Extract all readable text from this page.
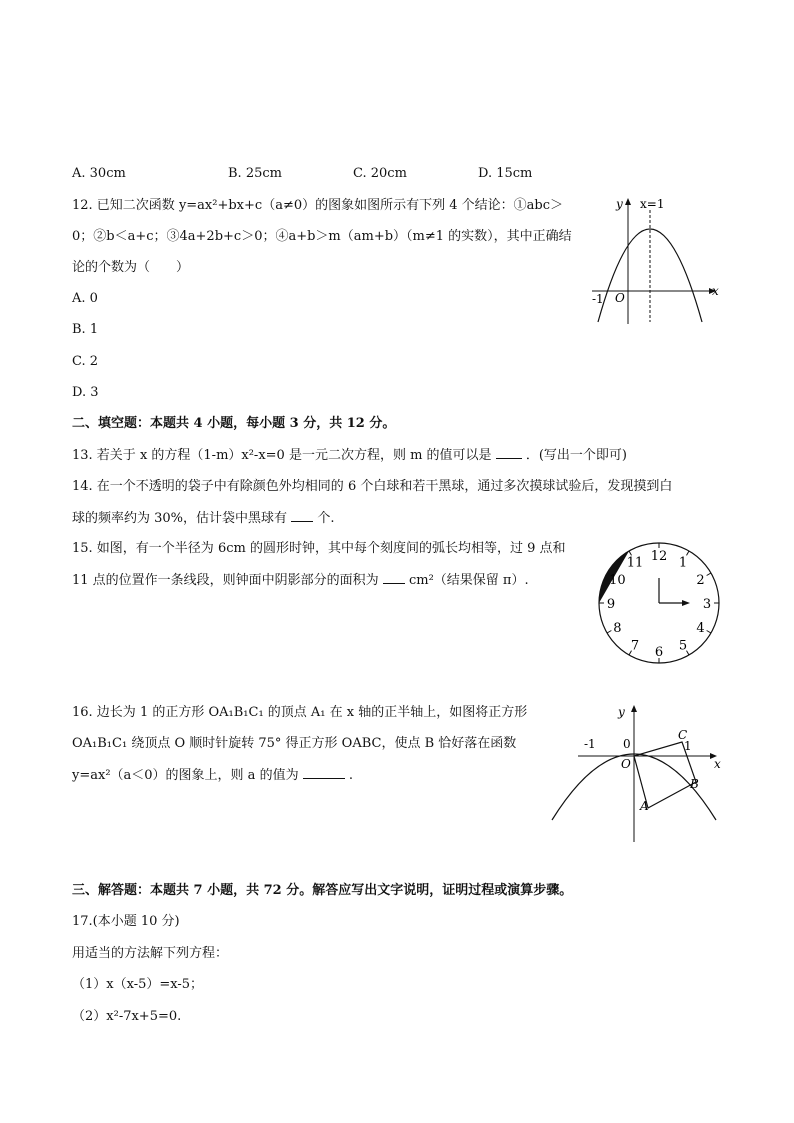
A. 30cm	B. 25cm	C. 20cm	D. 15cm
12. 已知二次函数 y=ax²+bx+c（a≠0）的图象如图所示有下列 4 个结论：①abc＞
0；②b＜a+c；③4a+2b+c＞0；④a+b＞m（am+b）（m≠1 的实数），其中正确结
论的个数为（　　）
A. 0
B. 1
C. 2
D. 3
y x=1
x
-1 O
二、填空题：本题共 4 小题，每小题 3 分，共 12 分。
13. 若关于 x 的方程（1-m）x²-x=0 是一元二次方程，则 m 的值可以是	．(写出一个即可)
14. 在一个不透明的袋子中有除颜色外均相同的 6 个白球和若干黑球，通过多次摸球试验后，发现摸到白
球的频率约为 30%，估计袋中黑球有 个.
15. 如图，有一个半径为 6cm 的圆形时钟，其中每个刻度间的弧长均相等，过 9 点和
11 点的位置作一条线段，则钟面中阴影部分的面积为 cm²（结果保留 π）.
12 1
2
3
4
5
6
7
8
9
10
11
16. 边长为 1 的正方形 OA₁B₁C₁ 的顶点 A₁ 在 x 轴的正半轴上，如图将正方形
OA₁B₁C₁ 绕顶点 O 顺时针旋转 75° 得正方形 OABC，使点 B 恰好落在函数
y=ax²（a＜0）的图象上，则 a 的值为	.
y
x
-1 0	1
O
A
B
C
三、解答题：本题共 7 小题，共 72 分。解答应写出文字说明，证明过程或演算步骤。
17.(本小题 10 分)
用适当的方法解下列方程：
（1）x（x-5）=x-5；
（2）x²-7x+5=0.
